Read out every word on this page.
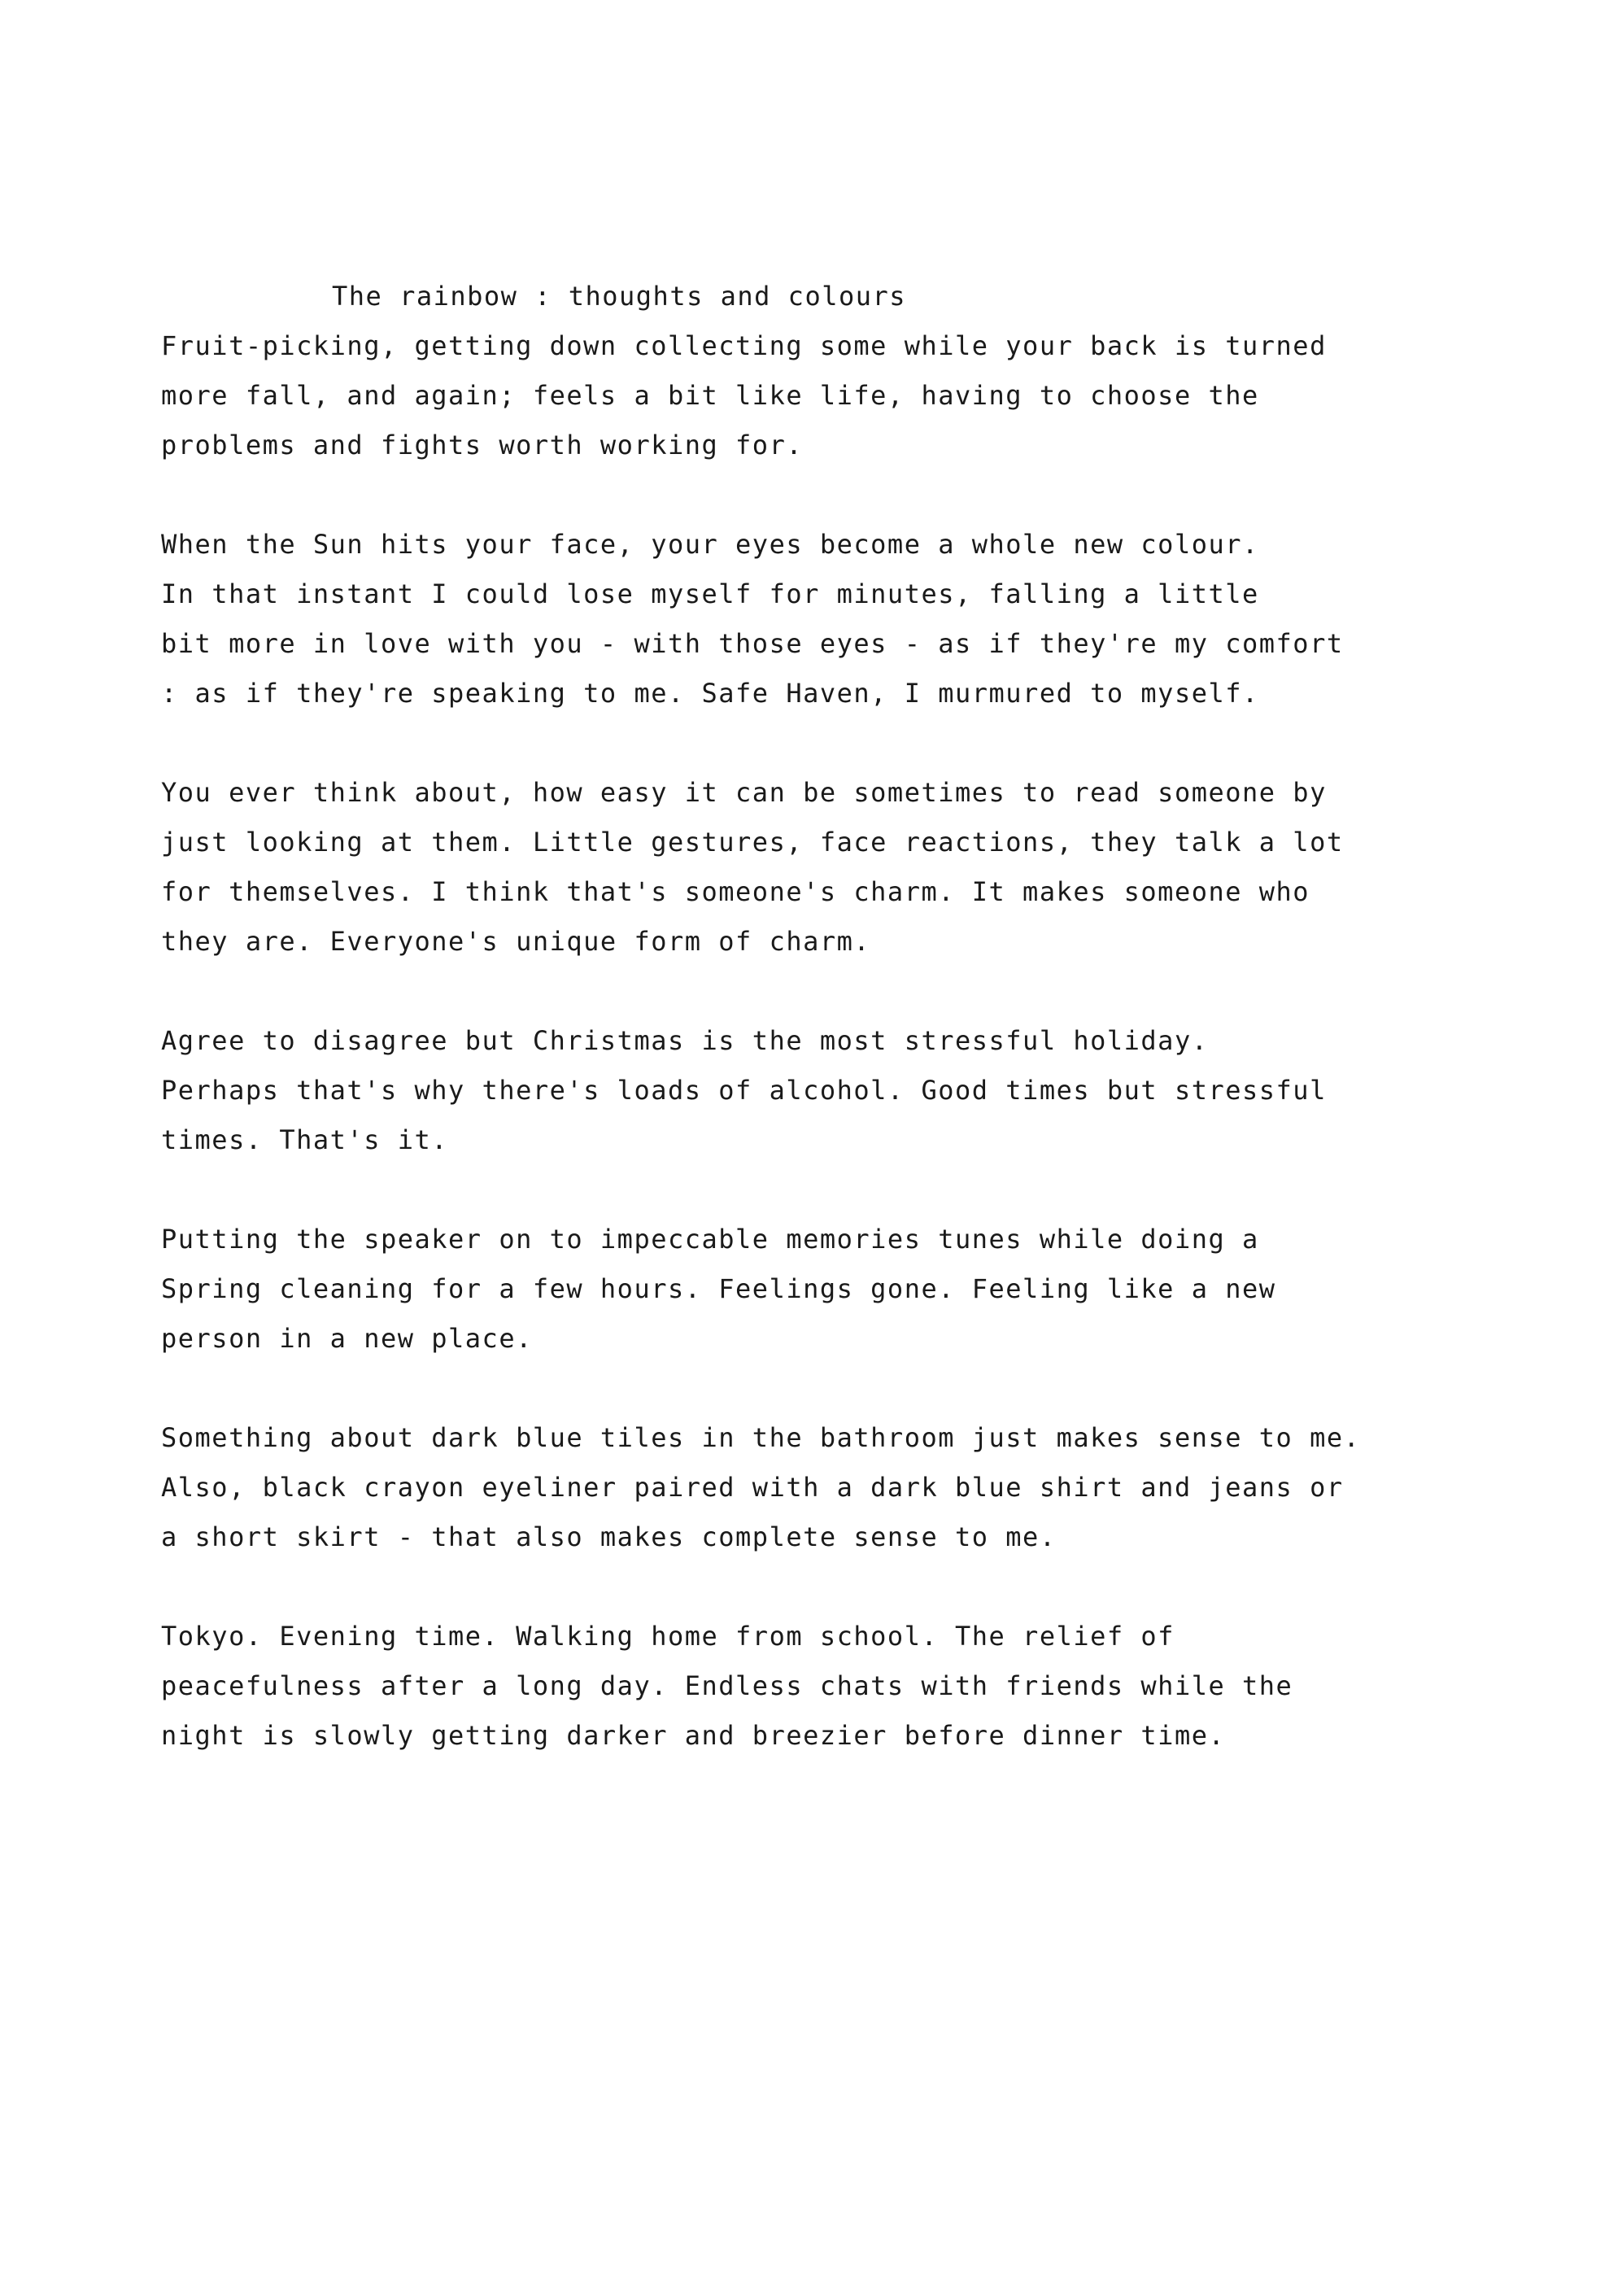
The rainbow : thoughts and colours
Fruit-picking, getting down collecting some while your back is turned
more fall, and again; feels a bit like life, having to choose the
problems and fights worth working for.
When the Sun hits your face, your eyes become a whole new colour.
In that instant I could lose myself for minutes, falling a little
bit more in love with you - with those eyes - as if they're my comfort
: as if they're speaking to me. Safe Haven, I murmured to myself.
You ever think about, how easy it can be sometimes to read someone by
just looking at them. Little gestures, face reactions, they talk a lot
for themselves. I think that's someone's charm. It makes someone who
they are. Everyone's unique form of charm.
Agree to disagree but Christmas is the most stressful holiday.
Perhaps that's why there's loads of alcohol. Good times but stressful
times. That's it.
Putting the speaker on to impeccable memories tunes while doing a
Spring cleaning for a few hours. Feelings gone. Feeling like a new
person in a new place.
Something about dark blue tiles in the bathroom just makes sense to me.
Also, black crayon eyeliner paired with a dark blue shirt and jeans or
a short skirt - that also makes complete sense to me.
Tokyo. Evening time. Walking home from school. The relief of
peacefulness after a long day. Endless chats with friends while the
night is slowly getting darker and breezier before dinner time.
